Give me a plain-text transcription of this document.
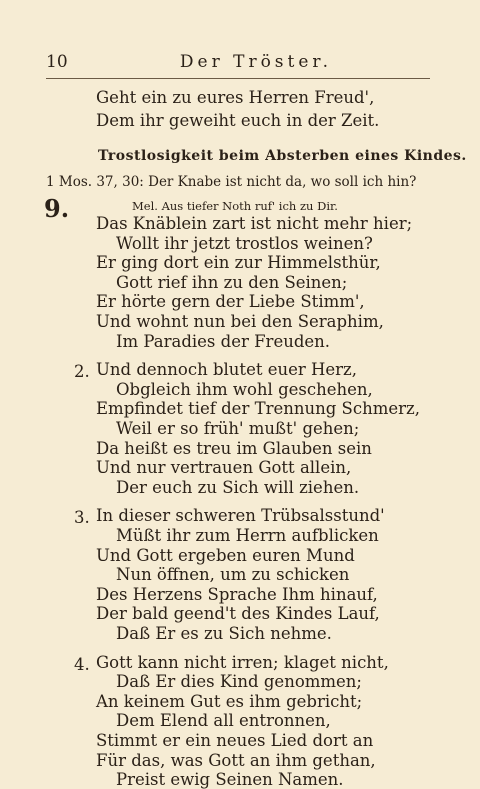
10	Der Tröster.
Geht ein zu eures Herren Freud',
Dem ihr geweiht euch in der Zeit.
Trostlosigkeit beim Absterben eines Kindes.
1 Mos. 37, 30: Der Knabe ist nicht da, wo soll ich hin?
9.	Mel. Aus tiefer Noth ruf' ich zu Dir.
Das Knäblein zart ist nicht mehr hier;
Wollt ihr jetzt trostlos weinen?
Er ging dort ein zur Himmelsthür,
Gott rief ihn zu den Seinen;
Er hörte gern der Liebe Stimm',
Und wohnt nun bei den Seraphim,
Im Paradies der Freuden.
2. Und dennoch blutet euer Herz,
Obgleich ihm wohl geschehen,
Empfindet tief der Trennung Schmerz,
Weil er so früh' mußt' gehen;
Da heißt es treu im Glauben sein
Und nur vertrauen Gott allein,
Der euch zu Sich will ziehen.
3. In dieser schweren Trübsalsstund'
Müßt ihr zum Herrn aufblicken
Und Gott ergeben euren Mund
Nun öffnen, um zu schicken
Des Herzens Sprache Ihm hinauf,
Der bald geend't des Kindes Lauf,
Daß Er es zu Sich nehme.
4. Gott kann nicht irren; klaget nicht,
Daß Er dies Kind genommen;
An keinem Gut es ihm gebricht;
Dem Elend all entronnen,
Stimmt er ein neues Lied dort an
Für das, was Gott an ihm gethan,
Preist ewig Seinen Namen.
